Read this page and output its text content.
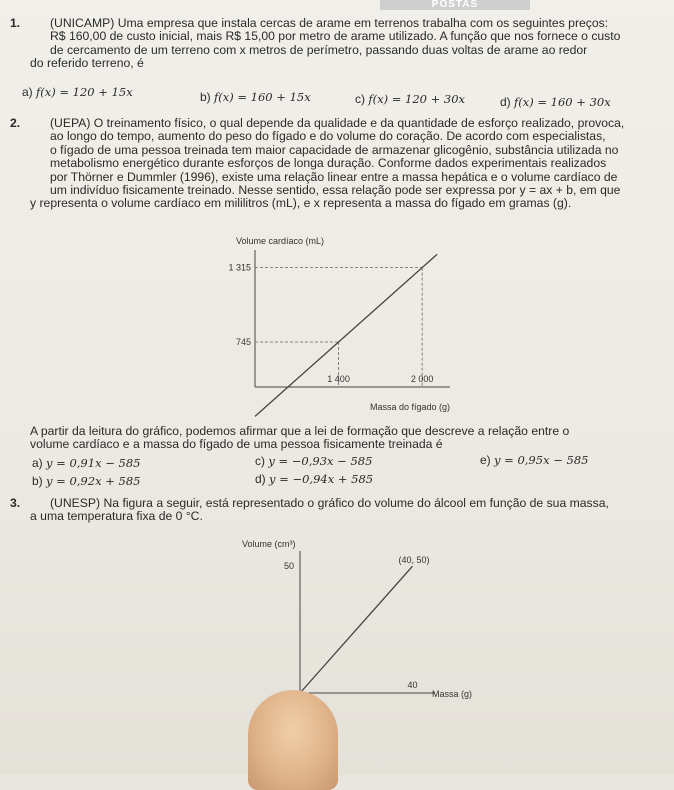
POSTAS
1. (UNICAMP) Uma empresa que instala cercas de arame em terrenos trabalha com os seguintes preços:
R$ 160,00 de custo inicial, mais R$ 15,00 por metro de arame utilizado. A função que nos fornece o custo
de cercamento de um terreno com x metros de perímetro, passando duas voltas de arame ao redor
do referido terreno, é
a) f(x) = 120 + 15x	b) f(x) = 160 + 15x	c) f(x) = 120 + 30x	d) f(x) = 160 + 30x
2. (UEPA) O treinamento físico, o qual depende da qualidade e da quantidade de esforço realizado, provoca,
ao longo do tempo, aumento do peso do fígado e do volume do coração. De acordo com especialistas,
o fígado de uma pessoa treinada tem maior capacidade de armazenar glicogênio, substância utilizada no
metabolismo energético durante esforços de longa duração. Conforme dados experimentais realizados
por Thörner e Dummler (1996), existe uma relação linear entre a massa hepática e o volume cardíaco de
um indivíduo fisicamente treinado. Nesse sentido, essa relação pode ser expressa por y = ax + b, em que
y representa o volume cardíaco em mililitros (mL), e x representa a massa do fígado em gramas (g).
Volume cardíaco (mL)
745
1 315
1 400	2 000
Massa do fígado (g)
A partir da leitura do gráfico, podemos afirmar que a lei de formação que descreve a relação entre o
volume cardíaco e a massa do fígado de uma pessoa fisicamente treinada é
a) y = 0,91x − 585
b) y = 0,92x + 585
c) y = −0,93x − 585
d) y = −0,94x + 585
e) y = 0,95x − 585
3. (UNESP) Na figura a seguir, está representado o gráfico do volume do álcool em função de sua massa,
a uma temperatura fixa de 0 °C.
Volume (cm³)
50
40
(40, 50)
Massa (g)
